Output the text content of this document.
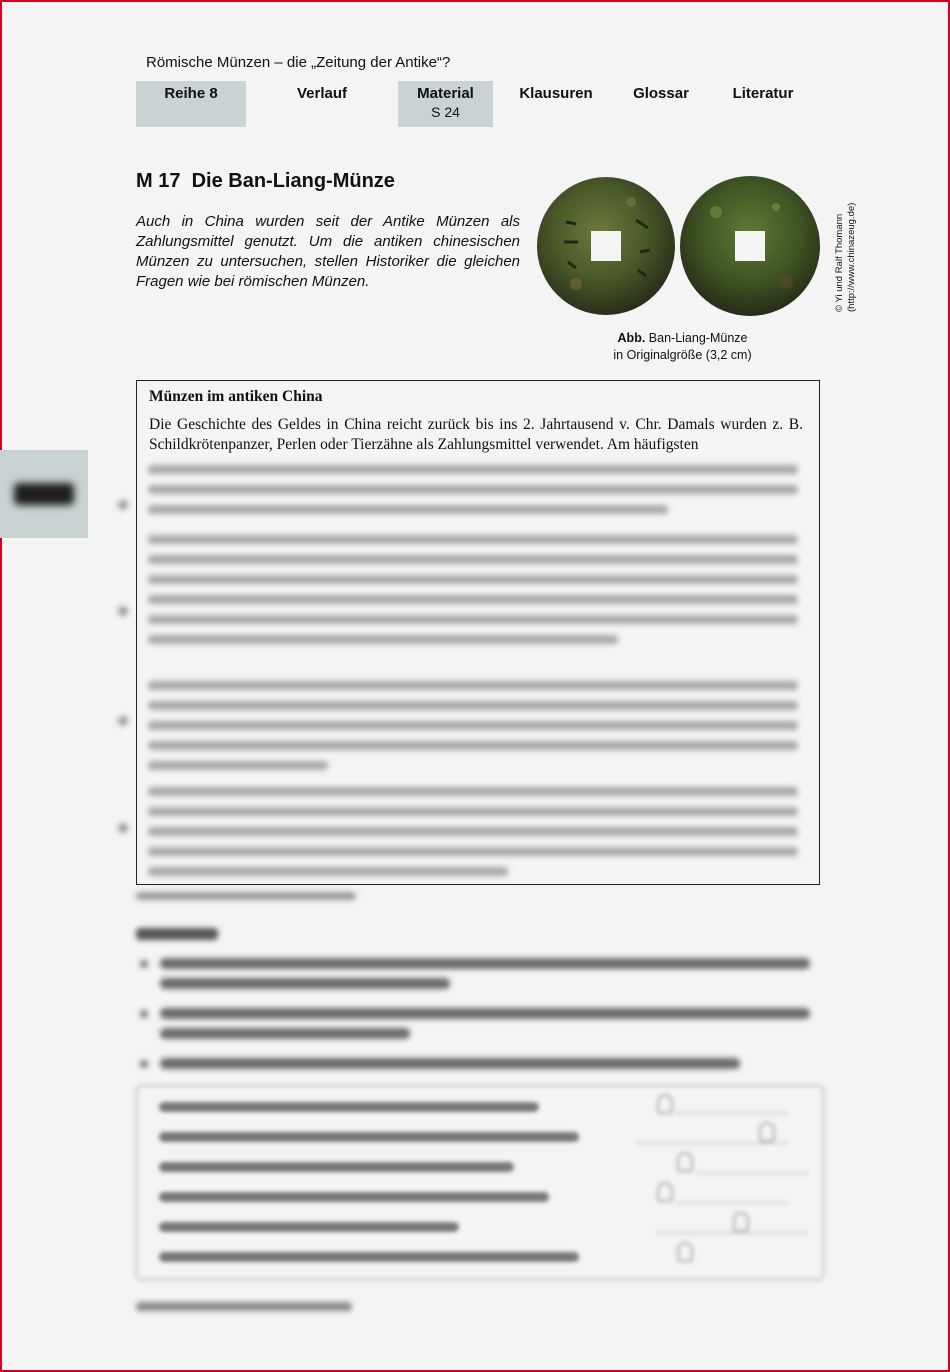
Römische Münzen – die „Zeitung der Antike“?
Reihe 8	Verlauf	Material
S 24
Klausuren	Glossar	Literatur
M 17  Die Ban-Liang-Münze
Auch in China wurden seit der Antike Münzen als Zahlungsmittel genutzt. Um die antiken chinesischen Münzen zu untersuchen, stellen Historiker die gleichen Fragen wie bei römischen Münzen.	© Yi und Ralf Thomann (http://www.chinazeug.de)
Abb. Ban-Liang-Münze
in Originalgröße (3,2 cm)
Münzen im antiken China
Die Geschichte des Geldes in China reicht zurück bis ins 2. Jahrtausend v. Chr. Damals wurden z. B. Schildkrötenpanzer, Perlen oder Tierzähne als Zahlungsmittel verwendet. Am häufigsten
